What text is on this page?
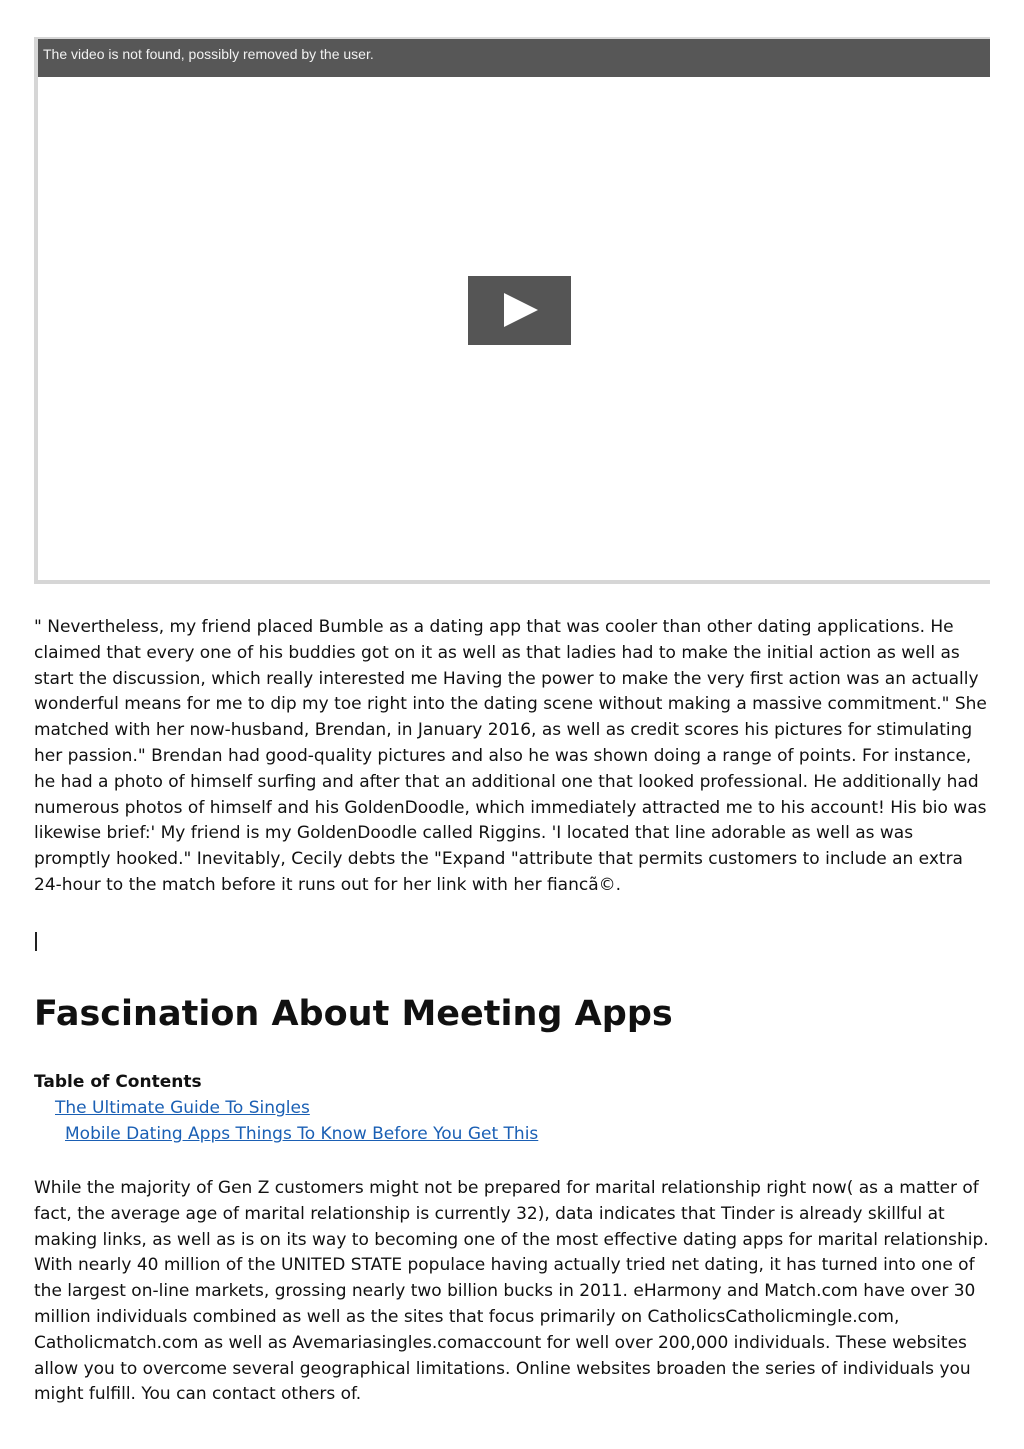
The video is not found, possibly removed by the user.

" Nevertheless, my friend placed Bumble as a dating app that was cooler than other dating applications. He claimed that every one of his buddies got on it as well as that ladies had to make the initial action as well as start the discussion, which really interested me Having the power to make the very first action was an actually wonderful means for me to dip my toe right into the dating scene without making a massive commitment." She matched with her now-husband, Brendan, in January 2016, as well as credit scores his pictures for stimulating her passion." Brendan had good-quality pictures and also he was shown doing a range of points. For instance, he had a photo of himself surfing and after that an additional one that looked professional. He additionally had numerous photos of himself and his GoldenDoodle, which immediately attracted me to his account! His bio was likewise brief:' My friend is my GoldenDoodle called Riggins. 'I located that line adorable as well as was promptly hooked." Inevitably, Cecily debts the "Expand "attribute that permits customers to include an extra 24-hour to the match before it runs out for her link with her fiancã©.

Fascination About Meeting Apps
Table of Contents
The Ultimate Guide To Singles
Mobile Dating Apps Things To Know Before You Get This

While the majority of Gen Z customers might not be prepared for marital relationship right now( as a matter of fact, the average age of marital relationship is currently 32), data indicates that Tinder is already skillful at making links, as well as is on its way to becoming one of the most effective dating apps for marital relationship. With nearly 40 million of the UNITED STATE populace having actually tried net dating, it has turned into one of the largest on-line markets, grossing nearly two billion bucks in 2011. eHarmony and Match.com have over 30 million individuals combined as well as the sites that focus primarily on CatholicsCatholicmingle.com, Catholicmatch.com as well as Avemariasingles.comaccount for well over 200,000 individuals. These websites allow you to overcome several geographical limitations. Online websites broaden the series of individuals you might fulfill. You can contact others of.
